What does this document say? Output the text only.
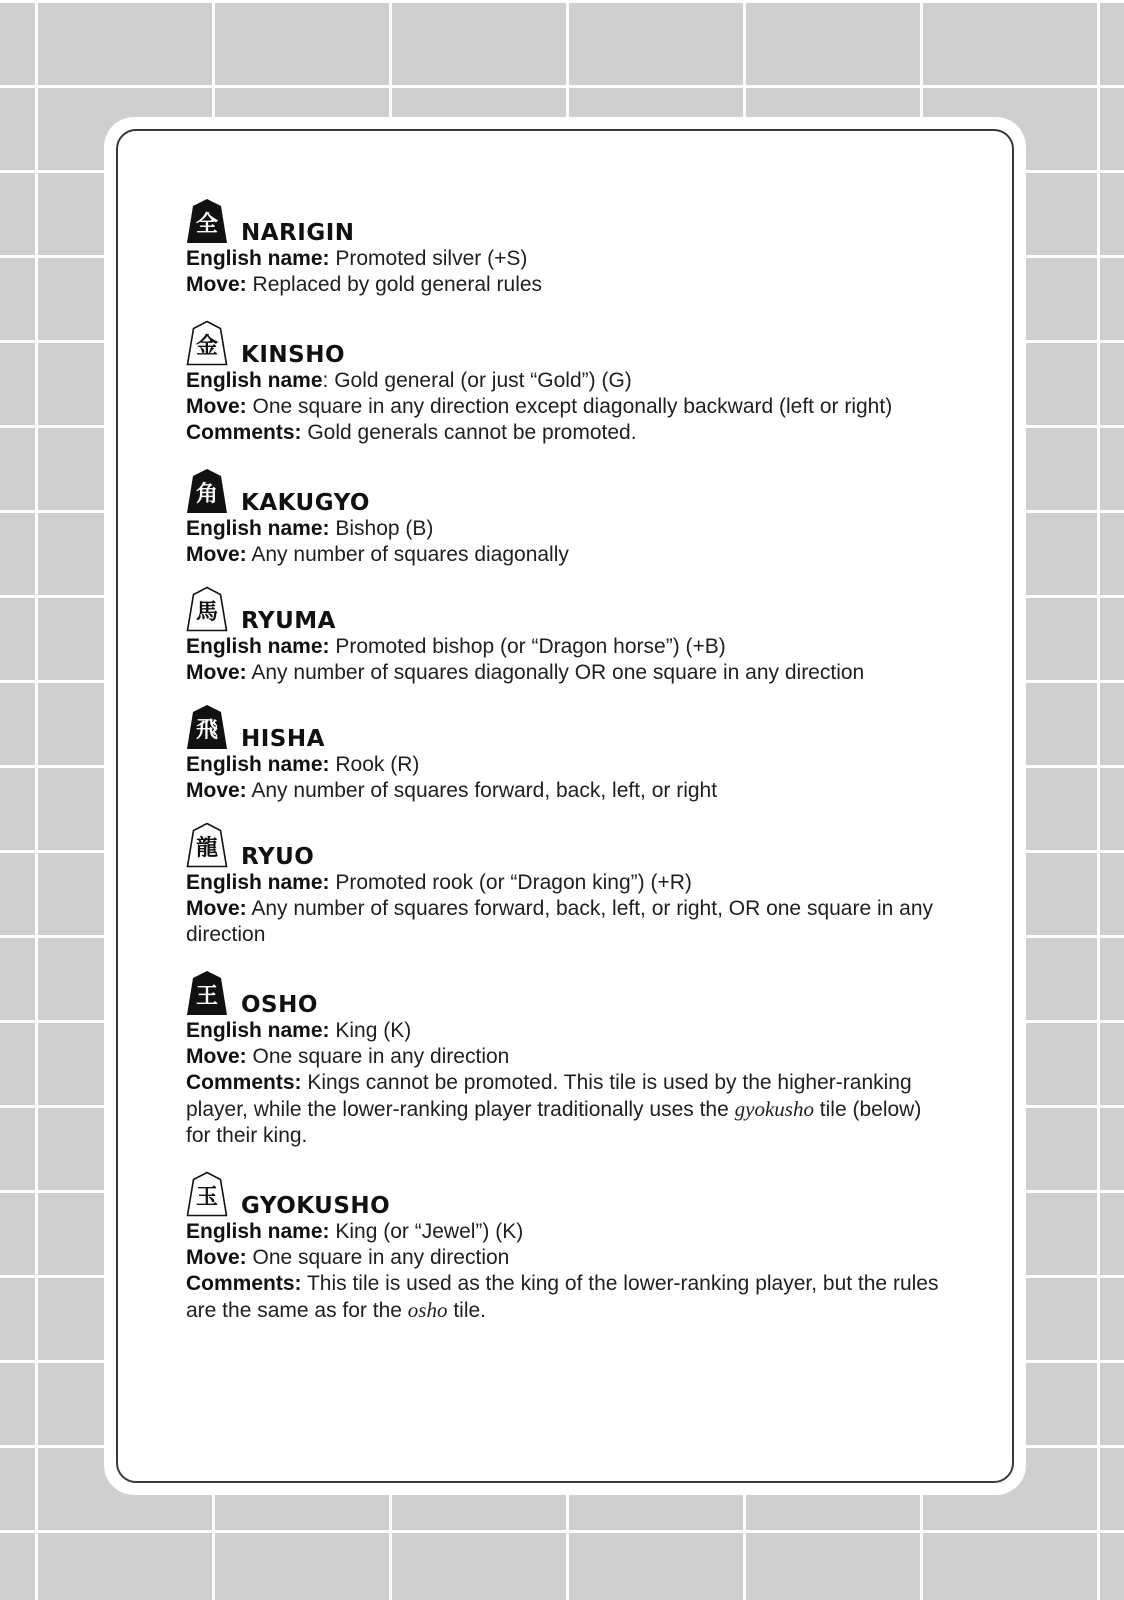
全	NARIGIN

English name: Promoted silver (+S)

Move: Replaced by gold general rules

金	KINSHO

English name: Gold general (or just “Gold”) (G)

Move: One square in any direction except diagonally backward (left or right)

Comments: Gold generals cannot be promoted.

角	KAKUGYO

English name: Bishop (B)

Move: Any number of squares diagonally

馬	RYUMA

English name: Promoted bishop (or “Dragon horse”) (+B)

Move: Any number of squares diagonally OR one square in any direction

飛	HISHA

English name: Rook (R)

Move: Any number of squares forward, back, left, or right

龍	RYUO

English name: Promoted rook (or “Dragon king”) (+R)

Move: Any number of squares forward, back, left, or right, OR one square in any direction

王	OSHO

English name: King (K)

Move: One square in any direction

Comments: Kings cannot be promoted. This tile is used by the higher-ranking player, while the lower-ranking player traditionally uses the gyokusho tile (below) for their king.

玉	GYOKUSHO

English name: King (or “Jewel”) (K)

Move: One square in any direction

Comments: This tile is used as the king of the lower-ranking player, but the rules are the same as for the osho tile.
